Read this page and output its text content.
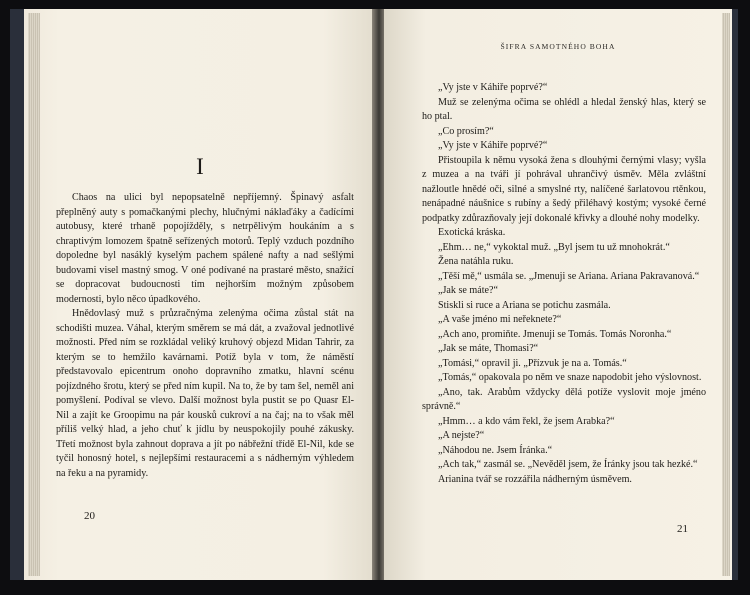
I

Chaos na ulici byl nepopsatelně nepříjemný. Špinavý asfalt přeplněný auty s pomačkanými plechy, hlučnými náklaďáky a čadícími autobusy, které trhaně popojížděly, s netrpělivým houkáním a s chraptivým lomozem špatně seřízených motorů. Teplý vzduch pozdního dopoledne byl nasáklý kyselým pachem spálené nafty a nad sešlými budovami visel mastný smog. V oné podívané na prastaré město, snažící se dopracovat budoucnosti tím nejhorším možným způsobem modernosti, bylo něco úpadkového.

Hnědovlasý muž s průzračnýma zelenýma očima zůstal stát na schodišti muzea. Váhal, kterým směrem se má dát, a zvažoval jednotlivé možnosti. Před ním se rozkládal veliký kruhový objezd Midan Tahrir, za kterým se to hemžilo kavárnami. Potíž byla v tom, že náměstí představovalo epicentrum onoho dopravního zmatku, hlavní scénu pojízdného šrotu, který se před ním kupil. Na to, že by tam šel, neměl ani pomyšlení. Podíval se vlevo. Další možnost byla pustit se po Quasr El-Nil a zajít ke Groopimu na pár kousků cukroví a na čaj; na to však měl příliš velký hlad, a jeho chuť k jídlu by neuspokojily pouhé zákusky. Třetí možnost byla zahnout doprava a jít po nábřežní třídě El-Nil, kde se tyčil honosný hotel, s nejlepšími restauracemi a s nádherným výhledem na řeku a na pyramidy.

20
ŠIFRA SAMOTNÉHO BOHA

„Vy jste v Káhiře poprvé?“

Muž se zelenýma očima se ohlédl a hledal ženský hlas, který se ho ptal.

„Co prosím?“

„Vy jste v Káhiře poprvé?“

Přistoupila k němu vysoká žena s dlouhými černými vlasy; vyšla z muzea a na tváři jí pohrával uhrančivý úsměv. Měla zvláštní nažloutle hnědé oči, silné a smyslné rty, nalíčené šarlatovou rtěnkou, nenápadné náušnice s rubíny a šedý přiléhavý kostým; vysoké černé podpatky zdůrazňovaly její dokonalé křivky a dlouhé nohy modelky.

Exotická kráska.

„Ehm… ne,“ vykoktal muž. „Byl jsem tu už mnohokrát.“

Žena natáhla ruku.

„Těší mě,“ usmála se. „Jmenuji se Ariana. Ariana Pakravanová.“

„Jak se máte?“

Stiskli si ruce a Ariana se potichu zasmála.

„A vaše jméno mi neřeknete?“

„Ach ano, promiňte. Jmenuji se Tomás. Tomás Noronha.“

„Jak se máte, Thomasi?“

„Tomási,“ opravil ji. „Přízvuk je na a. Tomás.“

„Tomás,“ opakovala po něm ve snaze napodobit jeho výslovnost.

„Ano, tak. Arabům vždycky dělá potíže vyslovit moje jméno správně.“

„Hmm… a kdo vám řekl, že jsem Arabka?“

„A nejste?“

„Náhodou ne. Jsem Íránka.“

„Ach tak,“ zasmál se. „Nevěděl jsem, že Íránky jsou tak hezké.“

Arianina tvář se rozzářila nádherným úsměvem.

21
